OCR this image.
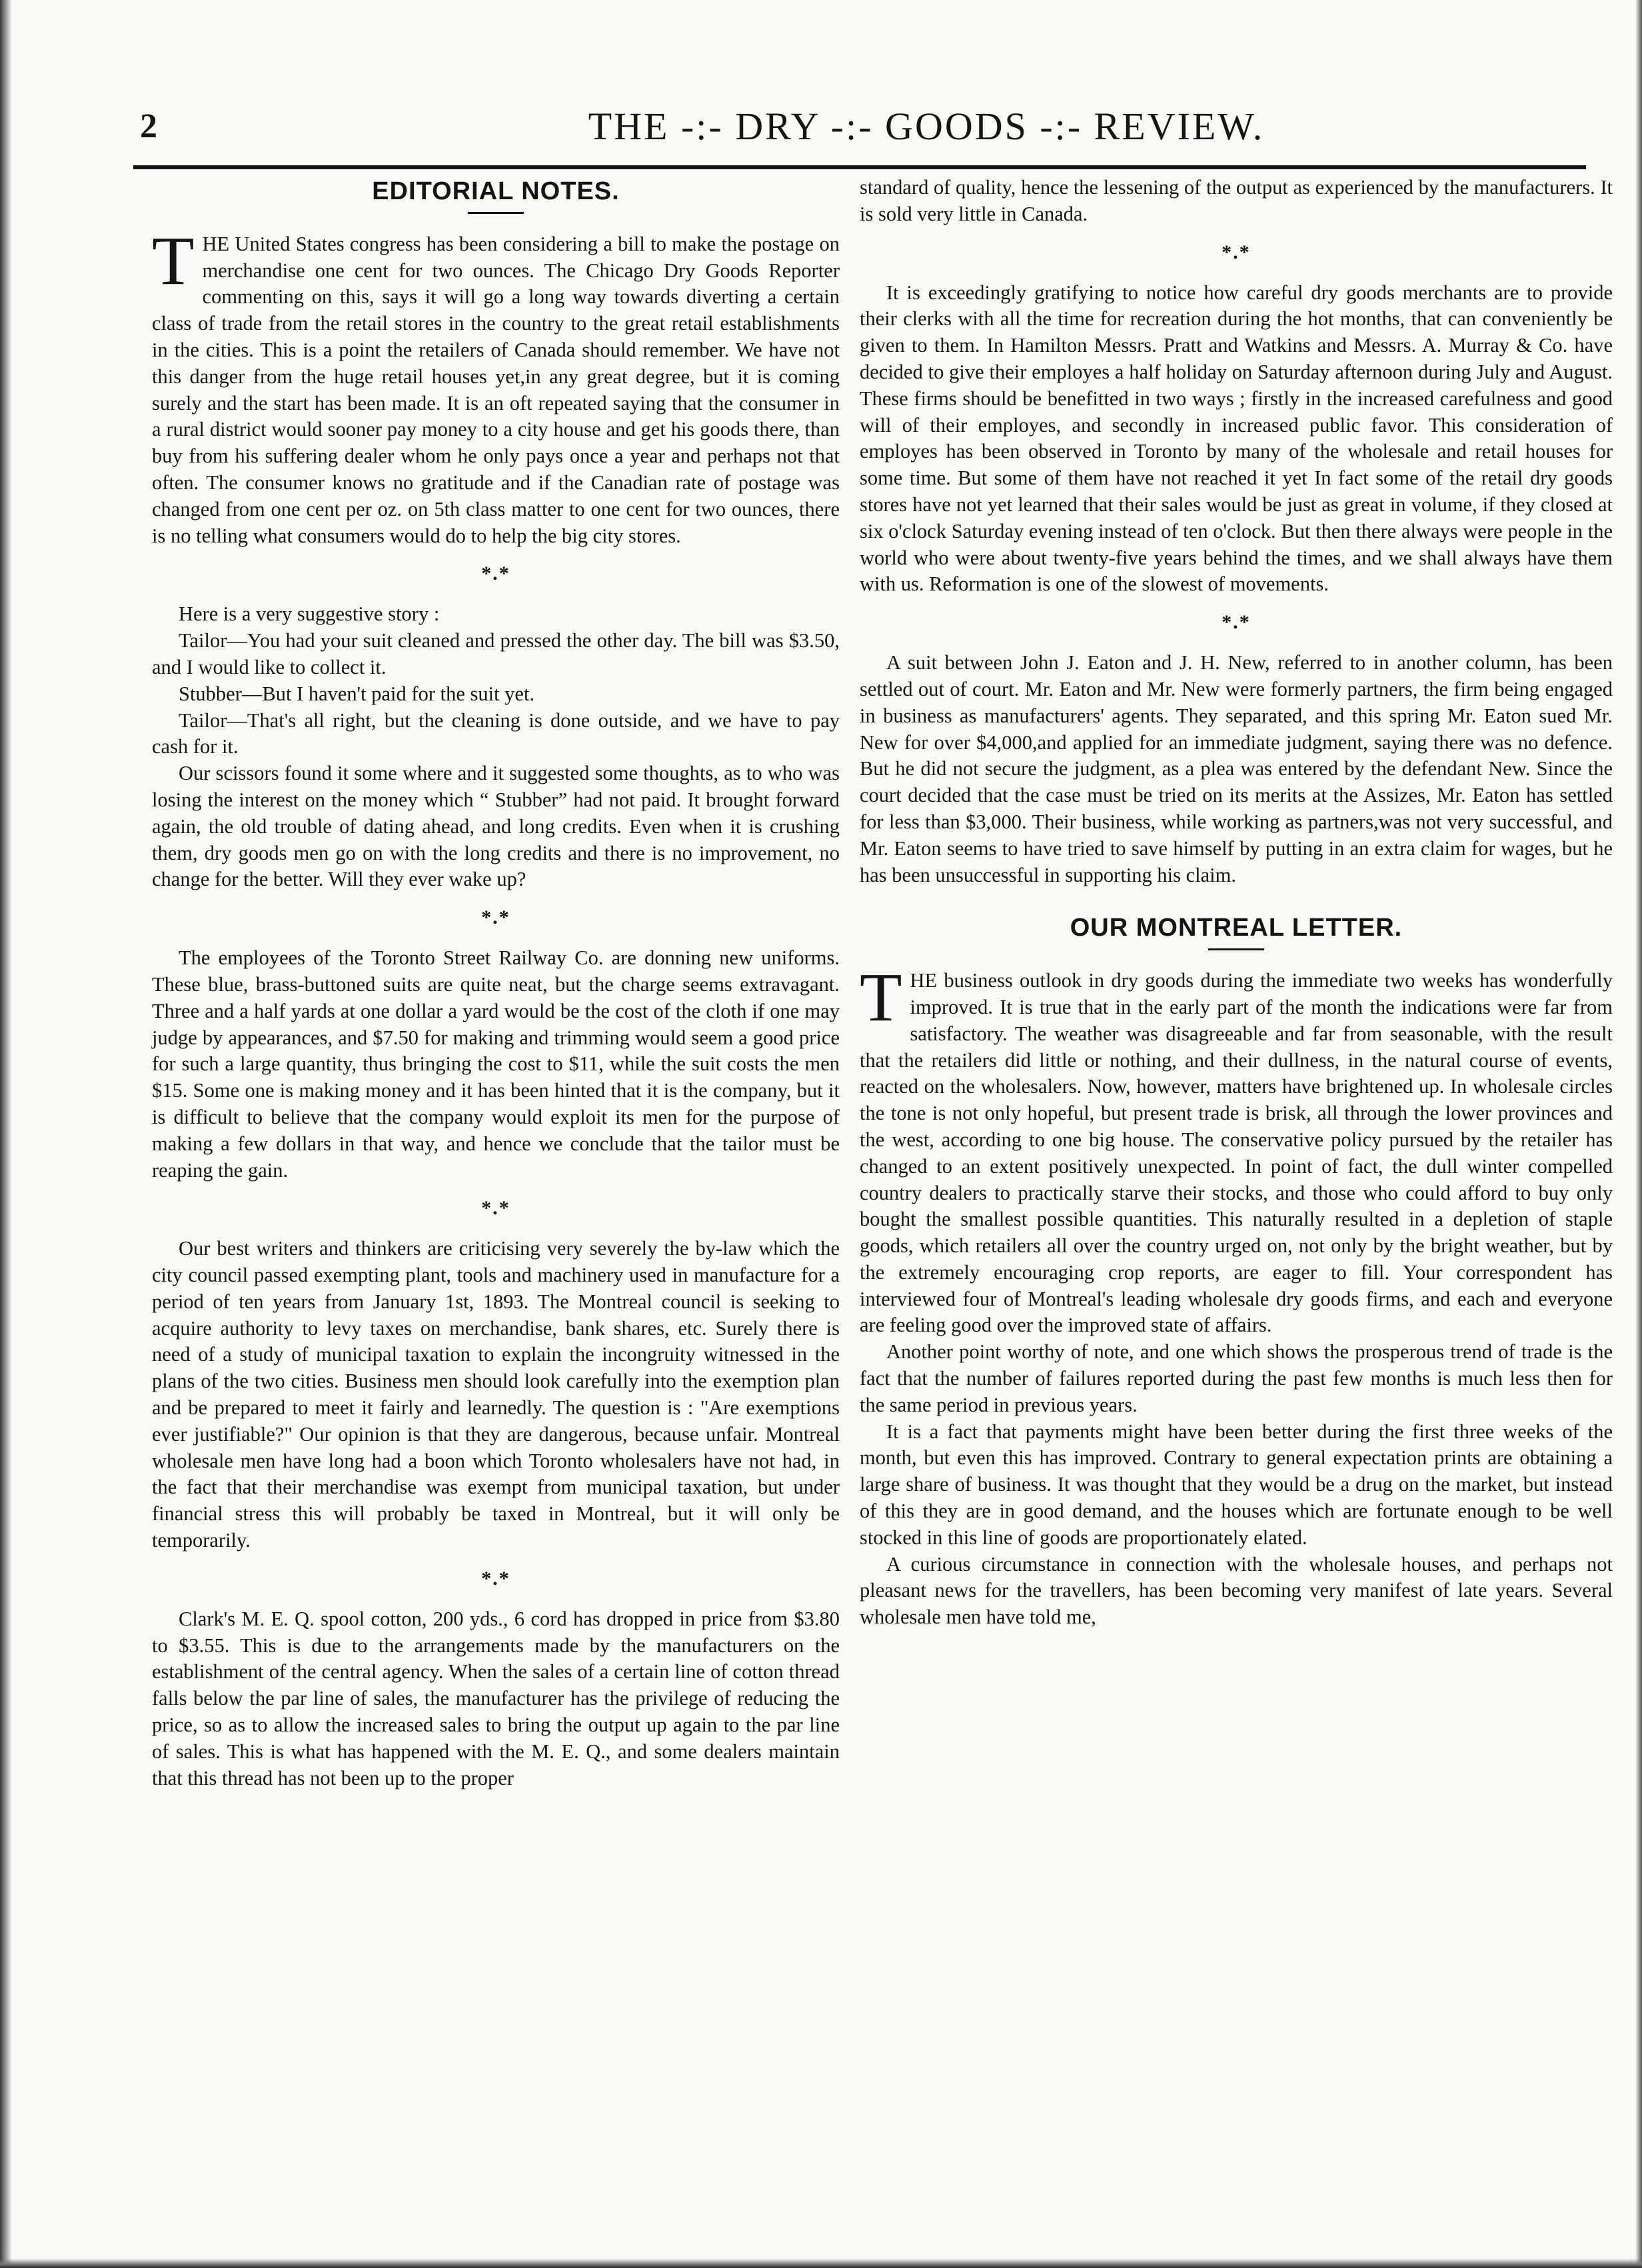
2	THE -:- DRY -:- GOODS -:- REVIEW.
EDITORIAL NOTES.

THE United States congress has been considering a bill to make the postage on merchandise one cent for two ounces. The Chicago Dry Goods Reporter commenting on this, says it will go a long way towards diverting a certain class of trade from the retail stores in the country to the great retail establishments in the cities. This is a point the retailers of Canada should remember. We have not this danger from the huge retail houses yet,in any great degree, but it is coming surely and the start has been made. It is an oft repeated saying that the consumer in a rural district would sooner pay money to a city house and get his goods there, than buy from his suffering dealer whom he only pays once a year and perhaps not that often. The consumer knows no gratitude and if the Canadian rate of postage was changed from one cent per oz. on 5th class matter to one cent for two ounces, there is no telling what consumers would do to help the big city stores.

*.*

Here is a very suggestive story :

Tailor—You had your suit cleaned and pressed the other day. The bill was $3.50, and I would like to collect it.

Stubber—But I haven't paid for the suit yet.

Tailor—That's all right, but the cleaning is done outside, and we have to pay cash for it.

Our scissors found it some where and it suggested some thoughts, as to who was losing the interest on the money which “ Stubber” had not paid. It brought forward again, the old trouble of dating ahead, and long credits. Even when it is crushing them, dry goods men go on with the long credits and there is no improvement, no change for the better. Will they ever wake up?

*.*

The employees of the Toronto Street Railway Co. are donning new uniforms. These blue, brass-buttoned suits are quite neat, but the charge seems extravagant. Three and a half yards at one dollar a yard would be the cost of the cloth if one may judge by appearances, and $7.50 for making and trimming would seem a good price for such a large quantity, thus bringing the cost to $11, while the suit costs the men $15. Some one is making money and it has been hinted that it is the company, but it is difficult to believe that the company would exploit its men for the purpose of making a few dollars in that way, and hence we conclude that the tailor must be reaping the gain.

*.*

Our best writers and thinkers are criticising very severely the by-law which the city council passed exempting plant, tools and machinery used in manufacture for a period of ten years from January 1st, 1893. The Montreal council is seeking to acquire authority to levy taxes on merchandise, bank shares, etc. Surely there is need of a study of municipal taxation to explain the incongruity witnessed in the plans of the two cities. Business men should look carefully into the exemption plan and be prepared to meet it fairly and learnedly. The question is : "Are exemptions ever justifiable?" Our opinion is that they are dangerous, because unfair. Montreal wholesale men have long had a boon which Toronto wholesalers have not had, in the fact that their merchandise was exempt from municipal taxation, but under financial stress this will probably be taxed in Montreal, but it will only be temporarily.

*.*

Clark's M. E. Q. spool cotton, 200 yds., 6 cord has dropped in price from $3.80 to $3.55. This is due to the arrangements made by the manufacturers on the establishment of the central agency. When the sales of a certain line of cotton thread falls below the par line of sales, the manufacturer has the privilege of reducing the price, so as to allow the increased sales to bring the output up again to the par line of sales. This is what has happened with the M. E. Q., and some dealers maintain that this thread has not been up to the proper

standard of quality, hence the lessening of the output as experienced by the manufacturers. It is sold very little in Canada.

*.*

It is exceedingly gratifying to notice how careful dry goods merchants are to provide their clerks with all the time for recreation during the hot months, that can conveniently be given to them. In Hamilton Messrs. Pratt and Watkins and Messrs. A. Murray & Co. have decided to give their employes a half holiday on Saturday afternoon during July and August. These firms should be benefitted in two ways ; firstly in the increased carefulness and good will of their employes, and secondly in increased public favor. This consideration of employes has been observed in Toronto by many of the wholesale and retail houses for some time. But some of them have not reached it yet In fact some of the retail dry goods stores have not yet learned that their sales would be just as great in volume, if they closed at six o'clock Saturday evening instead of ten o'clock. But then there always were people in the world who were about twenty-five years behind the times, and we shall always have them with us. Reformation is one of the slowest of movements.

*.*

A suit between John J. Eaton and J. H. New, referred to in another column, has been settled out of court. Mr. Eaton and Mr. New were formerly partners, the firm being engaged in business as manufacturers' agents. They separated, and this spring Mr. Eaton sued Mr. New for over $4,000,and applied for an immediate judgment, saying there was no defence. But he did not secure the judgment, as a plea was entered by the defendant New. Since the court decided that the case must be tried on its merits at the Assizes, Mr. Eaton has settled for less than $3,000. Their business, while working as partners,was not very successful, and Mr. Eaton seems to have tried to save himself by putting in an extra claim for wages, but he has been unsuccessful in supporting his claim.

OUR MONTREAL LETTER.

THE business outlook in dry goods during the immediate two weeks has wonderfully improved. It is true that in the early part of the month the indications were far from satisfactory. The weather was disagreeable and far from seasonable, with the result that the retailers did little or nothing, and their dullness, in the natural course of events, reacted on the wholesalers. Now, however, matters have brightened up. In wholesale circles the tone is not only hopeful, but present trade is brisk, all through the lower provinces and the west, according to one big house. The conservative policy pursued by the retailer has changed to an extent positively unexpected. In point of fact, the dull winter compelled country dealers to practically starve their stocks, and those who could afford to buy only bought the smallest possible quantities. This naturally resulted in a depletion of staple goods, which retailers all over the country urged on, not only by the bright weather, but by the extremely encouraging crop reports, are eager to fill. Your correspondent has interviewed four of Montreal's leading wholesale dry goods firms, and each and everyone are feeling good over the improved state of affairs.

Another point worthy of note, and one which shows the prosperous trend of trade is the fact that the number of failures reported during the past few months is much less then for the same period in previous years.

It is a fact that payments might have been better during the first three weeks of the month, but even this has improved. Contrary to general expectation prints are obtaining a large share of business. It was thought that they would be a drug on the market, but instead of this they are in good demand, and the houses which are fortunate enough to be well stocked in this line of goods are proportionately elated.

A curious circumstance in connection with the wholesale houses, and perhaps not pleasant news for the travellers, has been becoming very manifest of late years. Several wholesale men have told me,
